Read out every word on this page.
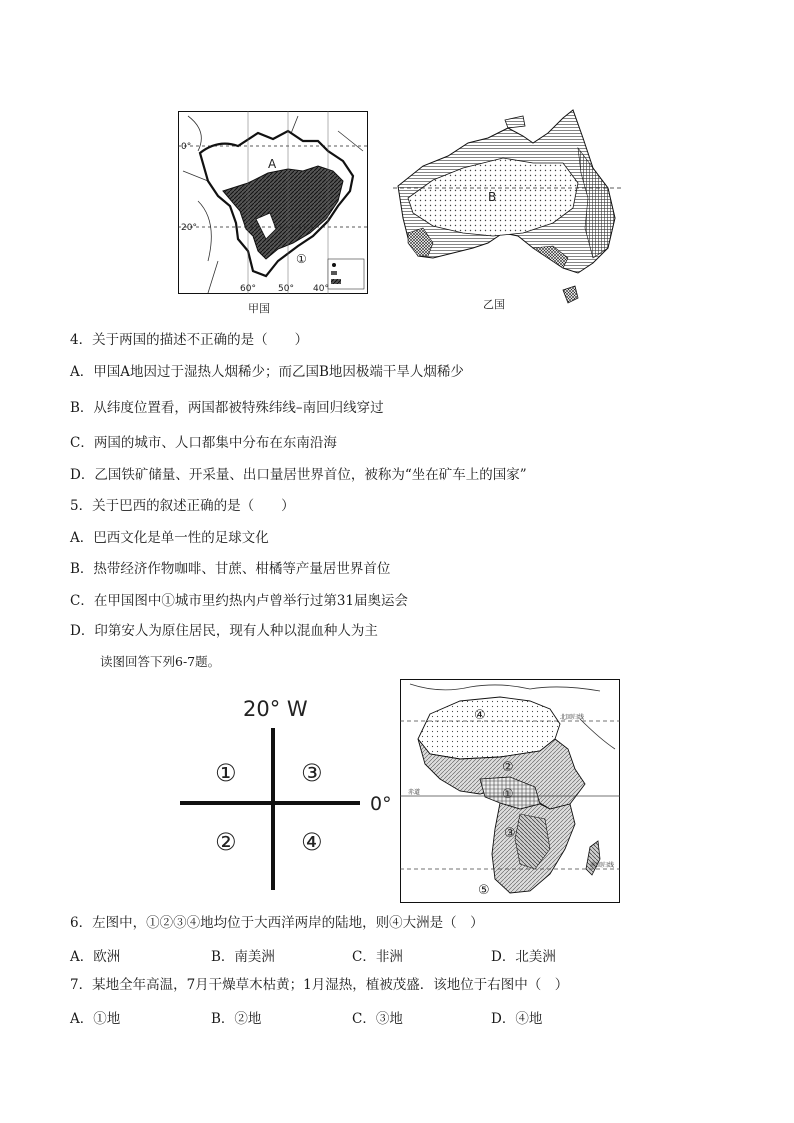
A
0°
20°
60° 50° 40°
①
甲国
B
乙国
4．关于两国的描述不正确的是（　　）
A．甲国A地因过于湿热人烟稀少；而乙国B地因极端干旱人烟稀少
B．从纬度位置看，两国都被特殊纬线–南回归线穿过
C．两国的城市、人口都集中分布在东南沿海
D．乙国铁矿储量、开采量、出口量居世界首位，被称为“坐在矿车上的国家”
5．关于巴西的叙述正确的是（　　）
A．巴西文化是单一性的足球文化
B．热带经济作物咖啡、甘蔗、柑橘等产量居世界首位
C．在甲国图中①城市里约热内卢曾举行过第31届奥运会
D．印第安人为原住居民，现有人种以混血种人为主
读图回答下列6-7题。
20° W
0°
①	③
②	④
北回归线
赤道
南回归线
④
②
①
③
⑤
6．左图中，①②③④地均位于大西洋两岸的陆地，则④大洲是（　）
A．欧洲	B．南美洲	C．非洲	D．北美洲
7．某地全年高温，7月干燥草木枯黄；1月湿热，植被茂盛．该地位于右图中（　）
A．①地	B．②地	C．③地	D．④地
